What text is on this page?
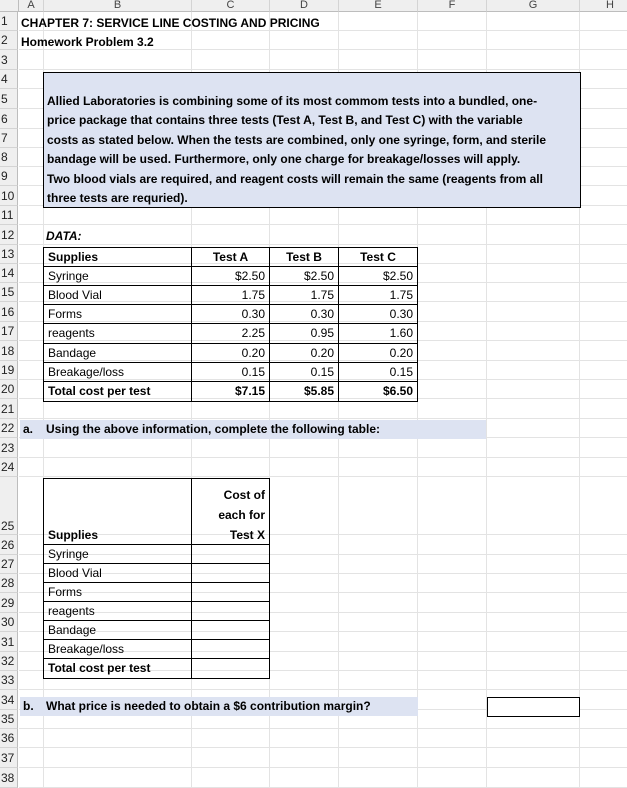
A	B	C	D	E	F	G	H
1
2
3
4
5
6
7
8
9
10
11
12
13
14
15
16
17
18
19
20
21
22
23
24
25
26
27
28
29
30
31
32
33
34
35
36
37
38
CHAPTER 7: SERVICE LINE COSTING AND PRICING
Homework Problem 3.2
Allied Laboratories is combining some of its most commom tests into a bundled, one-
price package that contains three tests (Test A, Test B, and Test C) with the variable
costs as stated below. When the tests are combined, only one syringe, form, and sterile
bandage will be used. Furthermore, only one charge for breakage/losses will apply.
Two blood vials are required, and reagent costs will remain the same (reagents from all
three tests are requried).
DATA:
Supplies	Test A	Test B	Test C
Syringe	$2.50	$2.50	$2.50
Blood Vial	1.75	1.75	1.75
Forms	0.30	0.30	0.30
reagents	2.25	0.95	1.60
Bandage	0.20	0.20	0.20
Breakage/loss	0.15	0.15	0.15
Total cost per test	$7.15	$5.85	$6.50
a. Using the above information, complete the following table:
Supplies
Cost of
each for
Test X
Syringe
Blood Vial
Forms
reagents
Bandage
Breakage/loss
Total cost per test
b. What price is needed to obtain a $6 contribution margin?
